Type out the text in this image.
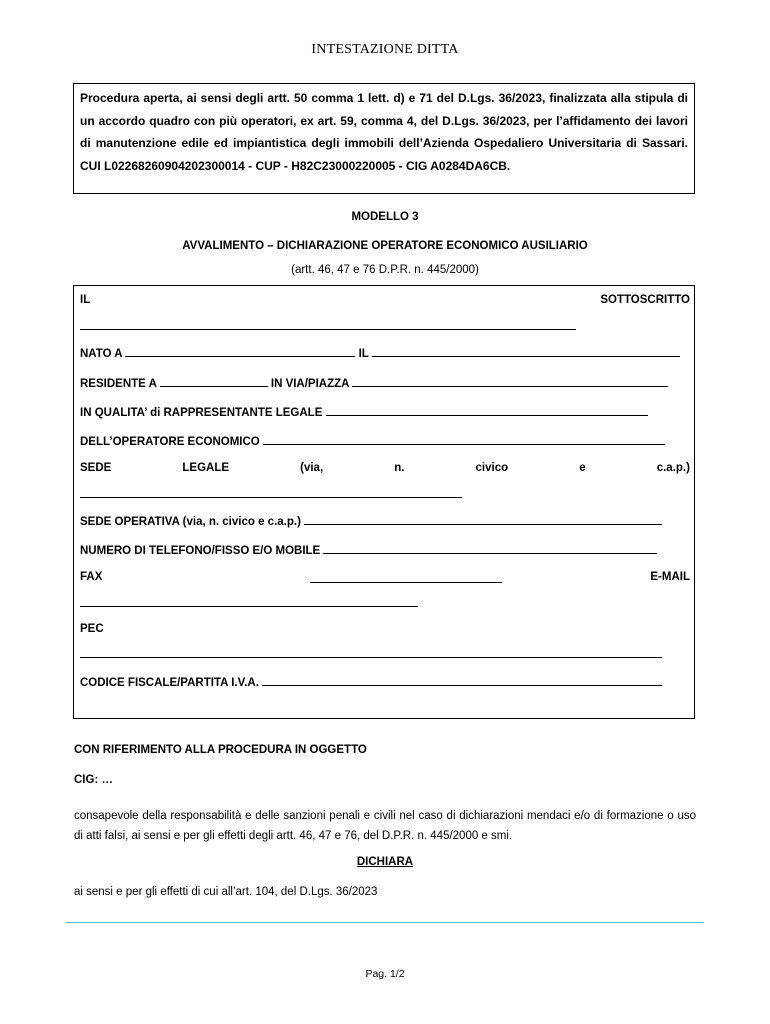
INTESTAZIONE DITTA
Procedura aperta, ai sensi degli artt. 50 comma 1 lett. d) e 71 del D.Lgs. 36/2023, finalizzata alla stipula di un accordo quadro con più operatori, ex art. 59, comma 4, del D.Lgs. 36/2023, per l’affidamento dei lavori di manutenzione edile ed impiantistica degli immobili dell’Azienda Ospedaliero Universitaria di Sassari. CUI L02268260904202300014 - CUP - H82C23000220005 - CIG A0284DA6CB.
MODELLO 3
AVVALIMENTO – DICHIARAZIONE OPERATORE ECONOMICO AUSILIARIO
(artt. 46, 47 e 76 D.P.R. n. 445/2000)
IL	SOTTOSCRITTO
NATO A	IL
RESIDENTE A	IN VIA/PIAZZA
IN QUALITA’ di RAPPRESENTANTE LEGALE
DELL’OPERATORE ECONOMICO
SEDE	LEGALE	(via,	n.	civico	e	c.a.p.)
SEDE OPERATIVA (via, n. civico e c.a.p.)
NUMERO DI TELEFONO/FISSO E/O MOBILE
FAX	E-MAIL
PEC
CODICE FISCALE/PARTITA I.V.A.
CON RIFERIMENTO ALLA PROCEDURA IN OGGETTO
CIG: …
consapevole della responsabilità e delle sanzioni penali e civili nel caso di dichiarazioni mendaci e/o di formazione o uso di atti falsi, ai sensi e per gli effetti degli artt. 46, 47 e 76, del D.P.R. n. 445/2000 e smi.
DICHIARA
ai sensi e per gli effetti di cui all’art. 104, del D.Lgs. 36/2023
Pag. 1/2
